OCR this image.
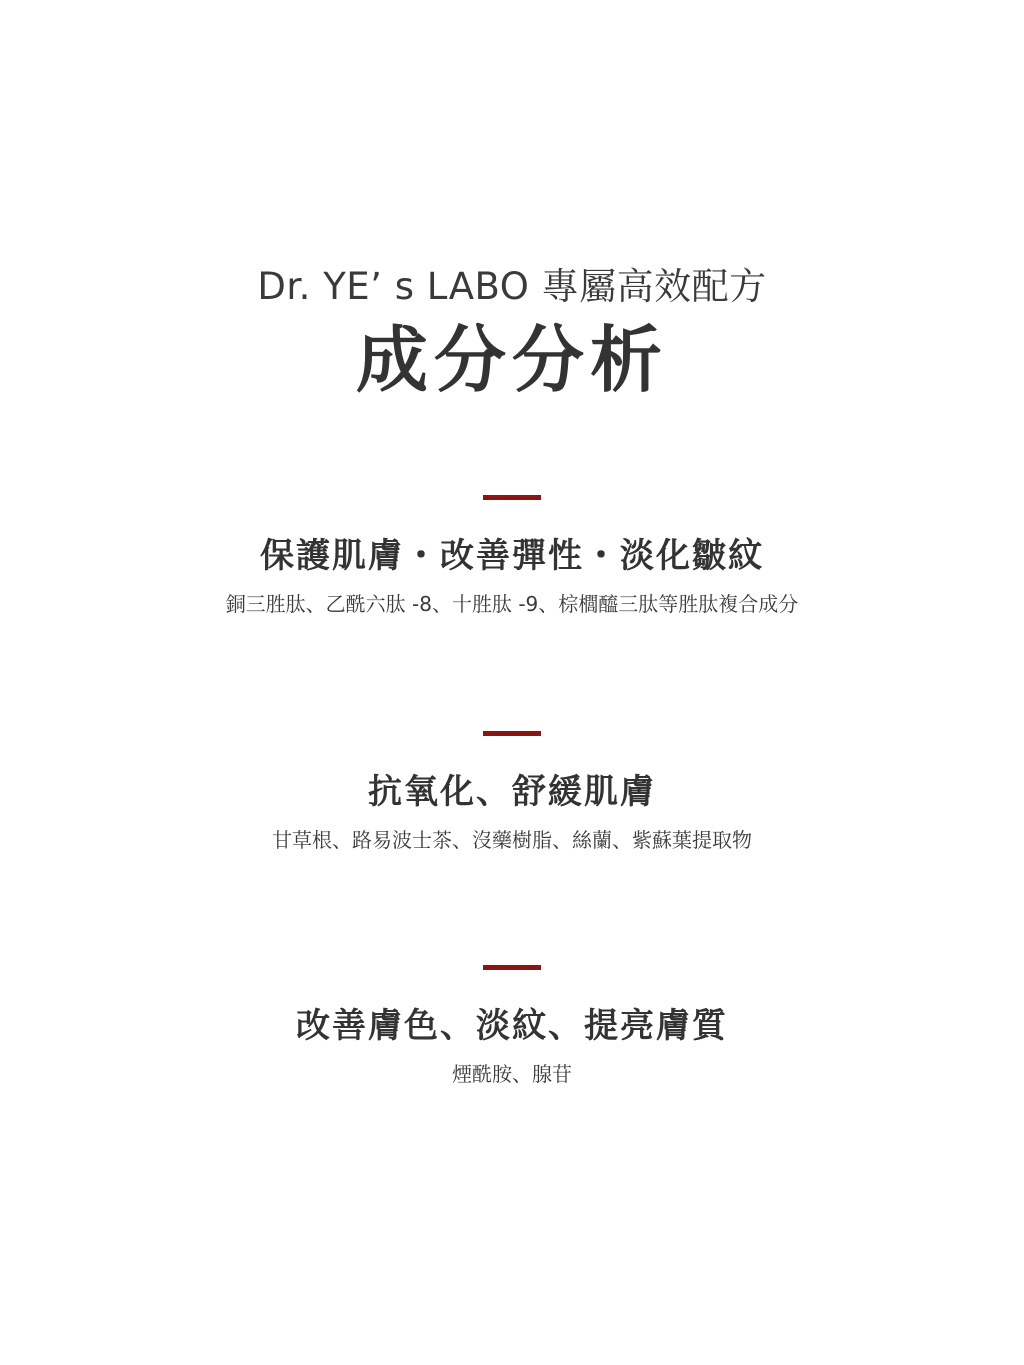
Dr. YE’ s LABO 專屬高效配方

成分分析
保護肌膚・改善彈性・淡化皺紋

銅三胜肽、乙酰六肽 -8、十胜肽 -9、棕櫚醯三肽等胜肽複合成分

抗氧化、舒緩肌膚

甘草根、路易波士茶、沒藥樹脂、絲蘭、紫蘇葉提取物

改善膚色、淡紋、提亮膚質

煙酰胺、腺苷
